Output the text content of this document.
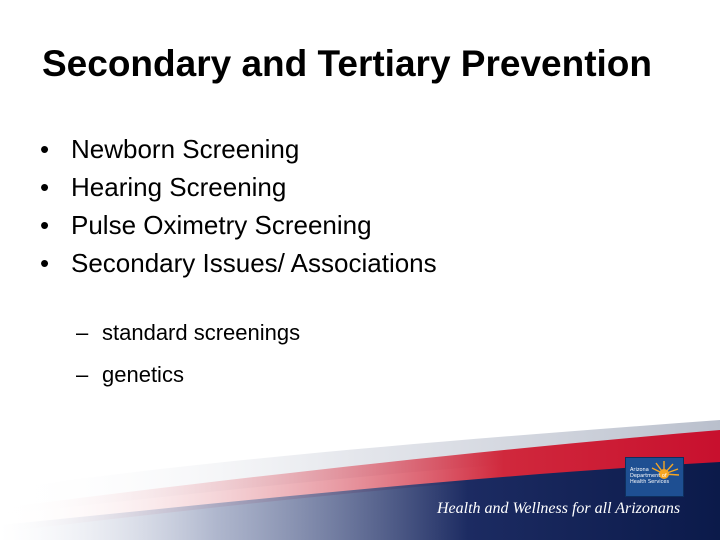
Secondary and Tertiary Prevention
• Newborn Screening
• Hearing Screening
• Pulse Oximetry Screening
• Secondary Issues/ Associations
– standard screenings
– genetics
Arizona
Department of
Health Services
Health and Wellness for all Arizonans
